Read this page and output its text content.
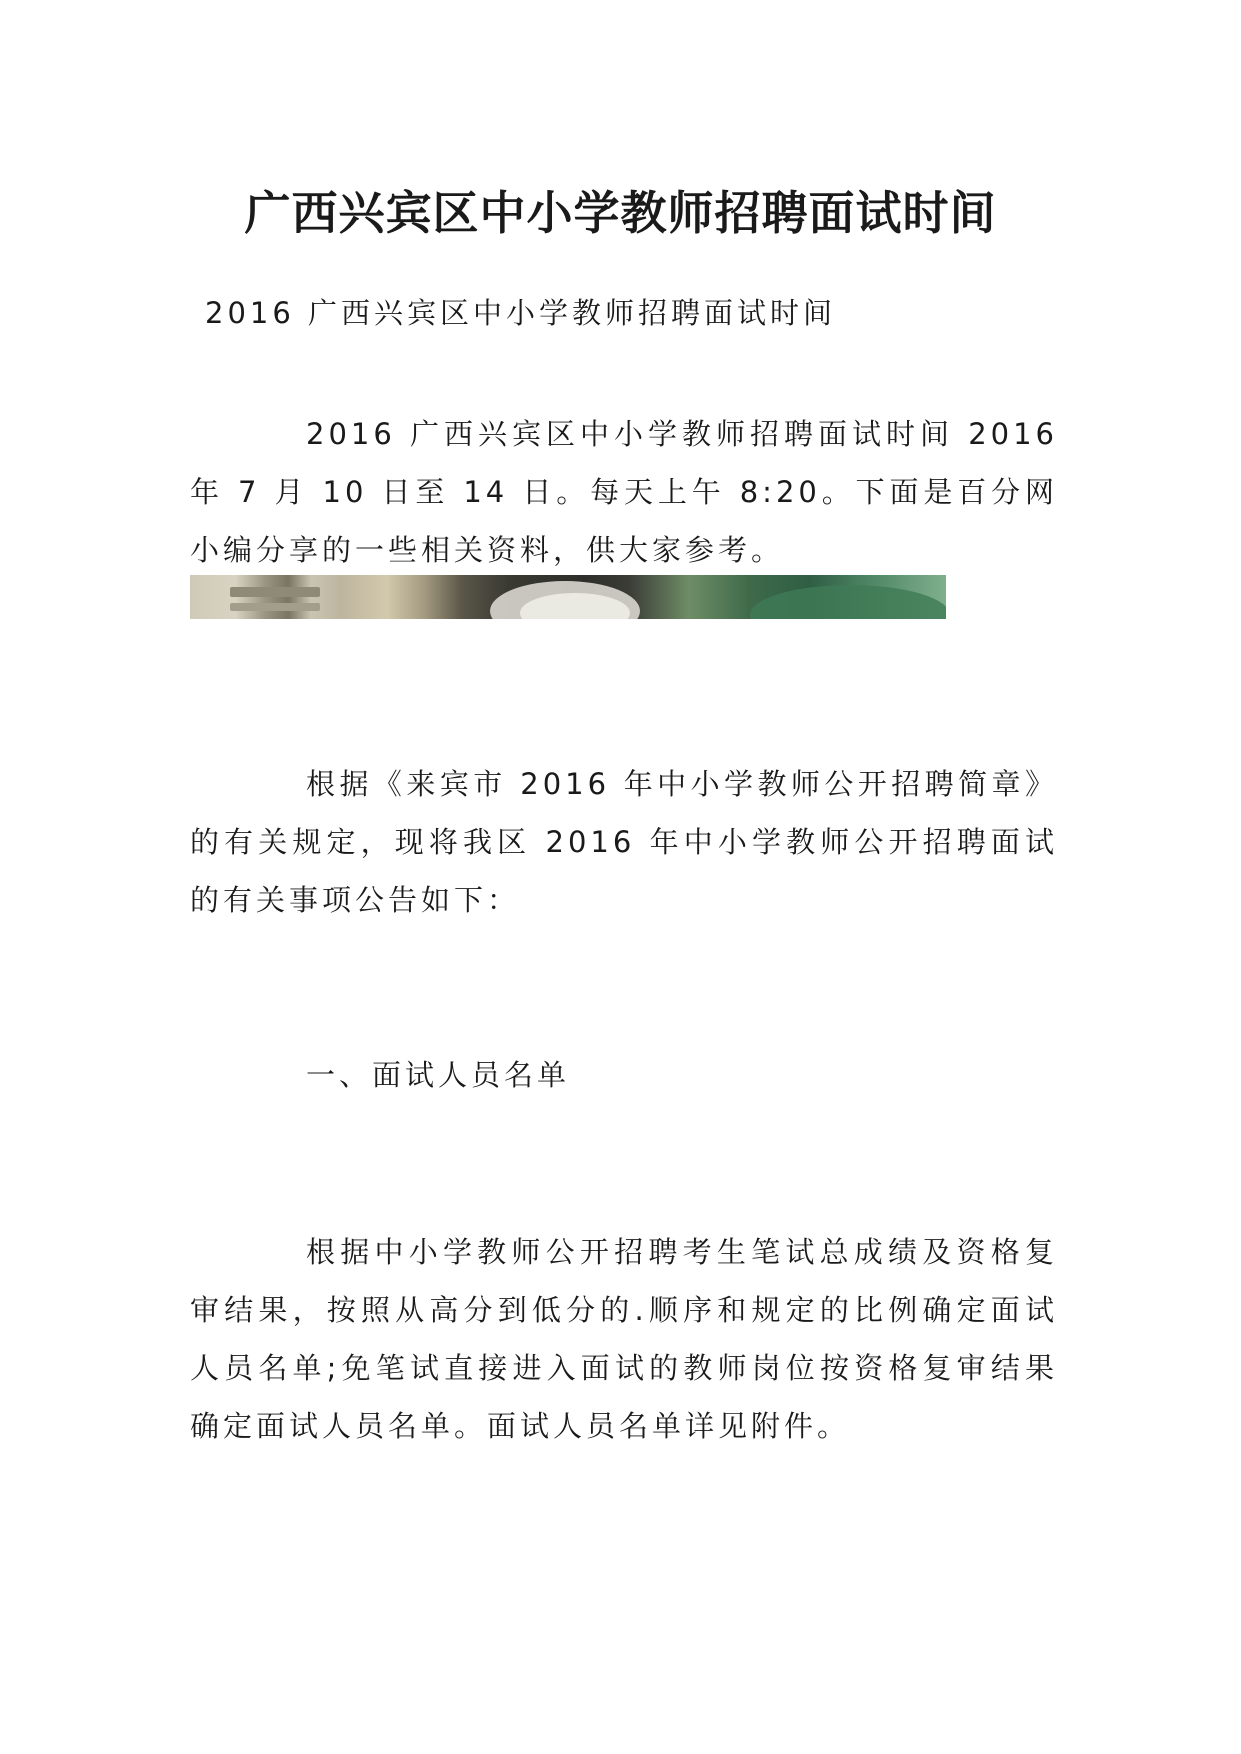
广西兴宾区中小学教师招聘面试时间
2016 广西兴宾区中小学教师招聘面试时间

2016 广西兴宾区中小学教师招聘面试时间 2016 年 7 月 10 日至 14 日。每天上午 8:20。下面是百分网小编分享的一些相关资料，供大家参考。

根据《来宾市 2016 年中小学教师公开招聘简章》的有关规定，现将我区 2016 年中小学教师公开招聘面试的有关事项公告如下：

一、面试人员名单

根据中小学教师公开招聘考生笔试总成绩及资格复审结果，按照从高分到低分的.顺序和规定的比例确定面试人员名单;免笔试直接进入面试的教师岗位按资格复审结果确定面试人员名单。面试人员名单详见附件。
